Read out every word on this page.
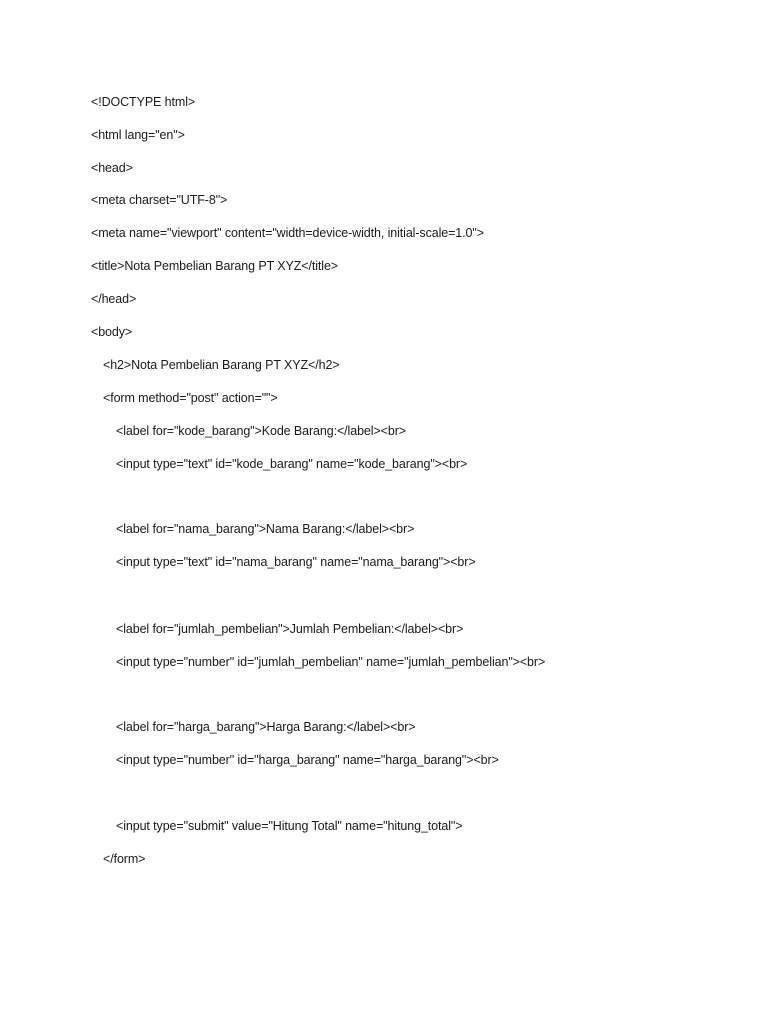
<!DOCTYPE html>
<html lang="en">
<head>
<meta charset="UTF-8">
<meta name="viewport" content="width=device-width, initial-scale=1.0">
<title>Nota Pembelian Barang PT XYZ</title>
</head>
<body>
<h2>Nota Pembelian Barang PT XYZ</h2>
<form method="post" action="">
<label for="kode_barang">Kode Barang:</label><br>
<input type="text" id="kode_barang" name="kode_barang"><br>
<label for="nama_barang">Nama Barang:</label><br>
<input type="text" id="nama_barang" name="nama_barang"><br>
<label for="jumlah_pembelian">Jumlah Pembelian:</label><br>
<input type="number" id="jumlah_pembelian" name="jumlah_pembelian"><br>
<label for="harga_barang">Harga Barang:</label><br>
<input type="number" id="harga_barang" name="harga_barang"><br>
<input type="submit" value="Hitung Total" name="hitung_total">
</form>
